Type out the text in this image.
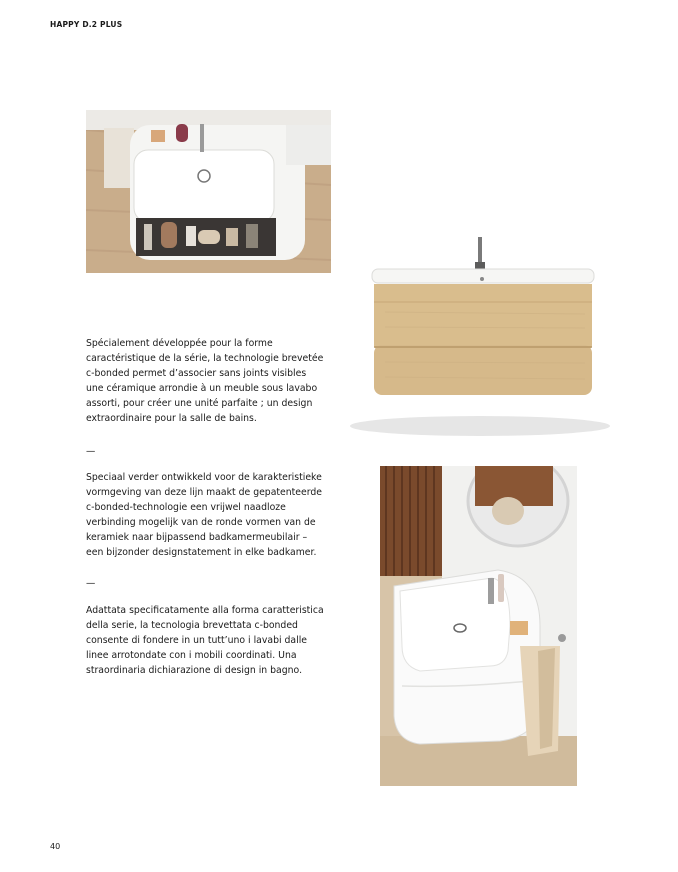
HAPPY D.2 PLUS

Spécialement développée pour la forme caractéristique de la série, la technologie brevetée c-bonded permet d’associer sans joints visibles une céramique arrondie à un meuble sous lavabo assorti, pour créer une unité parfaite ; un design extraordinaire pour la salle de bains.

—

Speciaal verder ontwikkeld voor de karakteristieke vormgeving van deze lijn maakt de gepatenteerde c-bonded-technologie een vrijwel naadloze verbinding mogelijk van de ronde vormen van de keramiek naar bijpassend badkamermeubilair – een bijzonder designstatement in elke badkamer.

—

Adattata specificatamente alla forma caratteristica della serie, la tecnologia brevettata c-bonded consente di fondere in un tutt’uno i lavabi dalle linee arrotondate con i mobili coordinati. Una straordinaria dichiarazione di design in bagno.

40
